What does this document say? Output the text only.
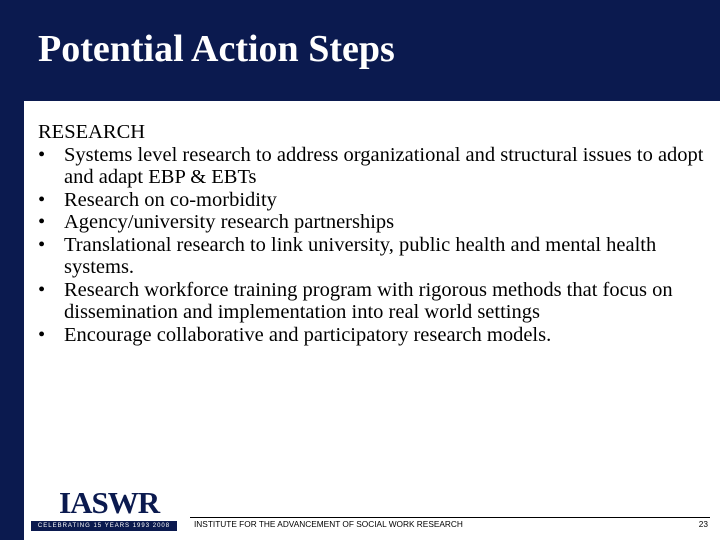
Potential Action Steps

RESEARCH

• Systems level research to address organizational and structural issues to adopt and adapt EBP & EBTs
• Research on co-morbidity
• Agency/university research partnerships
• Translational research to link university, public health and mental health systems.
• Research workforce training program with rigorous methods that focus on dissemination and implementation into real world settings
• Encourage collaborative and participatory research models.
IASWR
CELEBRATING 15 YEARS 1993 2008	INSTITUTE FOR THE ADVANCEMENT OF SOCIAL WORK RESEARCH	23
